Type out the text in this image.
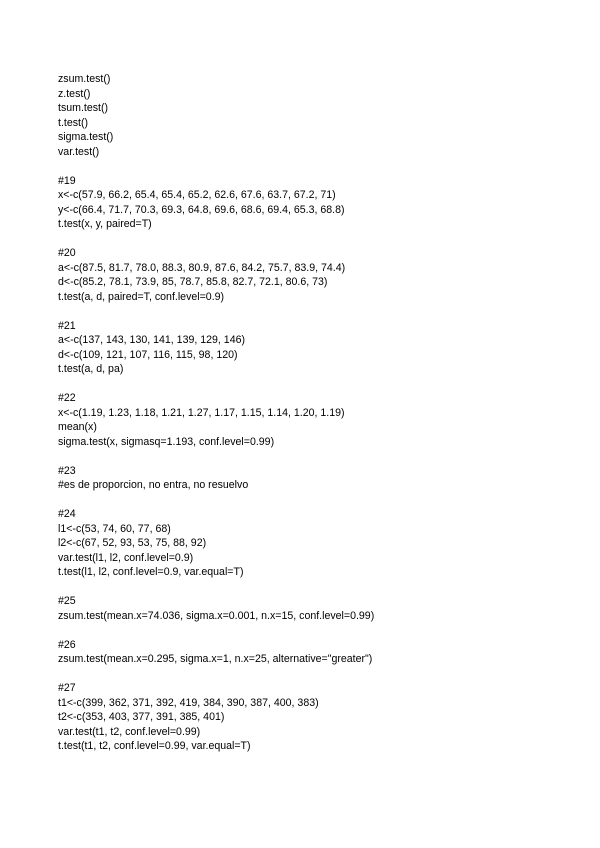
zsum.test()
z.test()
tsum.test()
t.test()
sigma.test()
var.test()
#19
x<-c(57.9, 66.2, 65.4, 65.4, 65.2, 62.6, 67.6, 63.7, 67.2, 71)
y<-c(66.4, 71.7, 70.3, 69.3, 64.8, 69.6, 68.6, 69.4, 65.3, 68.8)
t.test(x, y, paired=T)
#20
a<-c(87.5, 81.7, 78.0, 88.3, 80.9, 87.6, 84.2, 75.7, 83.9, 74.4)
d<-c(85.2, 78.1, 73.9, 85, 78.7, 85.8, 82.7, 72.1, 80.6, 73)
t.test(a, d, paired=T, conf.level=0.9)
#21
a<-c(137, 143, 130, 141, 139, 129, 146)
d<-c(109, 121, 107, 116, 115, 98, 120)
t.test(a, d, pa)
#22
x<-c(1.19, 1.23, 1.18, 1.21, 1.27, 1.17, 1.15, 1.14, 1.20, 1.19)
mean(x)
sigma.test(x, sigmasq=1.193, conf.level=0.99)
#23
#es de proporcion, no entra, no resuelvo
#24
l1<-c(53, 74, 60, 77, 68)
l2<-c(67, 52, 93, 53, 75, 88, 92)
var.test(l1, l2, conf.level=0.9)
t.test(l1, l2, conf.level=0.9, var.equal=T)
#25
zsum.test(mean.x=74.036, sigma.x=0.001, n.x=15, conf.level=0.99)
#26
zsum.test(mean.x=0.295, sigma.x=1, n.x=25, alternative="greater")
#27
t1<-c(399, 362, 371, 392, 419, 384, 390, 387, 400, 383)
t2<-c(353, 403, 377, 391, 385, 401)
var.test(t1, t2, conf.level=0.99)
t.test(t1, t2, conf.level=0.99, var.equal=T)
